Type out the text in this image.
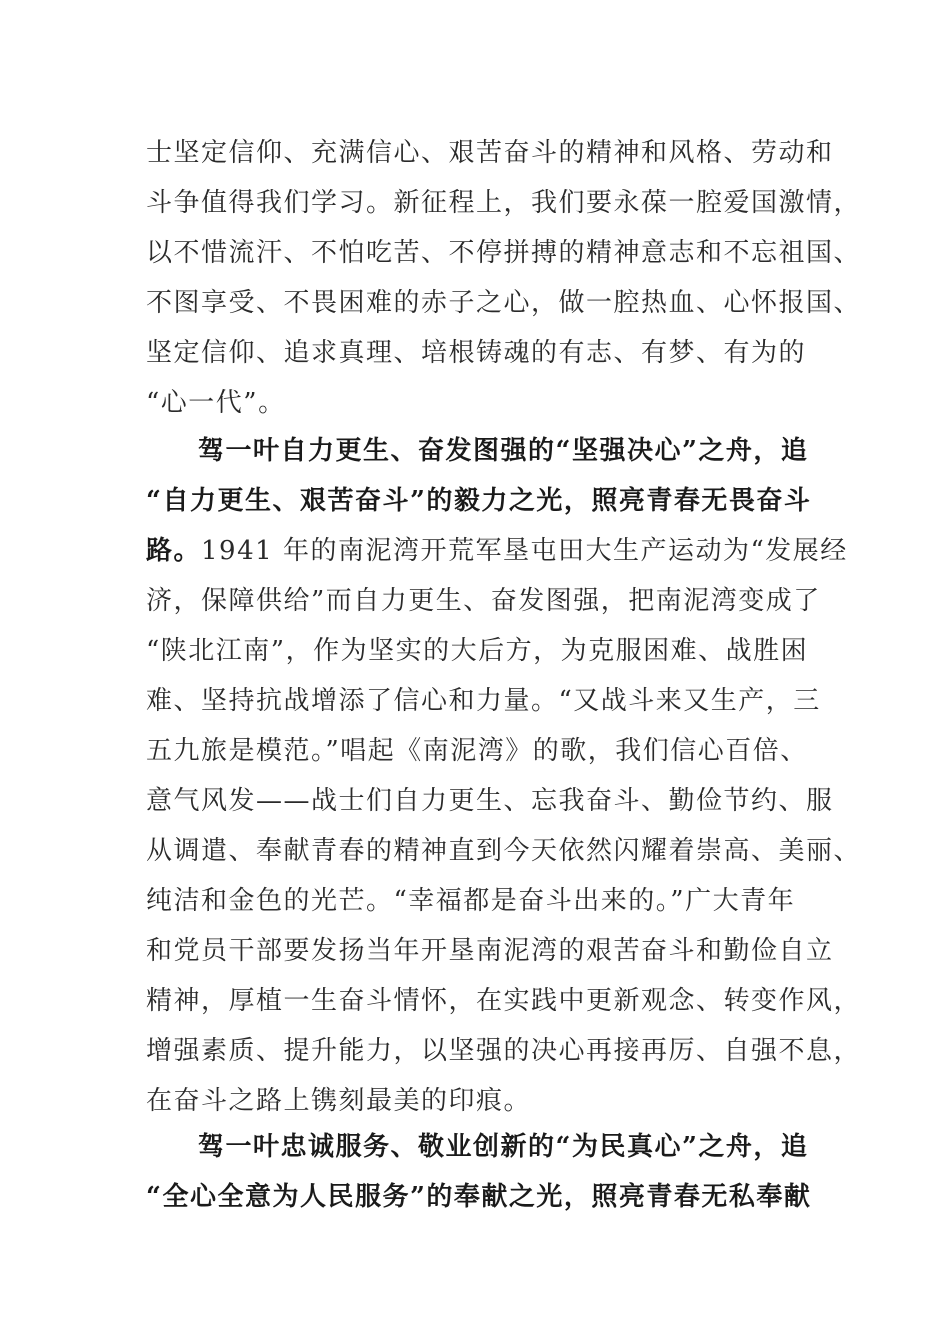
士坚定信仰、充满信心、艰苦奋斗的精神和风格、劳动和
斗争值得我们学习。新征程上，我们要永葆一腔爱国激情，
以不惜流汗、不怕吃苦、不停拼搏的精神意志和不忘祖国、
不图享受、不畏困难的赤子之心，做一腔热血、心怀报国、
坚定信仰、追求真理、培根铸魂的有志、有梦、有为的
“心一代”。
驾一叶自力更生、奋发图强的“坚强决心”之舟，追
“自力更生、艰苦奋斗”的毅力之光，照亮青春无畏奋斗
路。1941 年的南泥湾开荒军垦屯田大生产运动为“发展经
济，保障供给”而自力更生、奋发图强，把南泥湾变成了
“陕北江南”，作为坚实的大后方，为克服困难、战胜困
难、坚持抗战增添了信心和力量。“又战斗来又生产，三
五九旅是模范。”唱起《南泥湾》的歌，我们信心百倍、
意气风发——战士们自力更生、忘我奋斗、勤俭节约、服
从调遣、奉献青春的精神直到今天依然闪耀着崇高、美丽、
纯洁和金色的光芒。“幸福都是奋斗出来的。”广大青年
和党员干部要发扬当年开垦南泥湾的艰苦奋斗和勤俭自立
精神，厚植一生奋斗情怀，在实践中更新观念、转变作风，
增强素质、提升能力，以坚强的决心再接再厉、自强不息，
在奋斗之路上镌刻最美的印痕。
驾一叶忠诚服务、敬业创新的“为民真心”之舟，追
“全心全意为人民服务”的奉献之光，照亮青春无私奉献
